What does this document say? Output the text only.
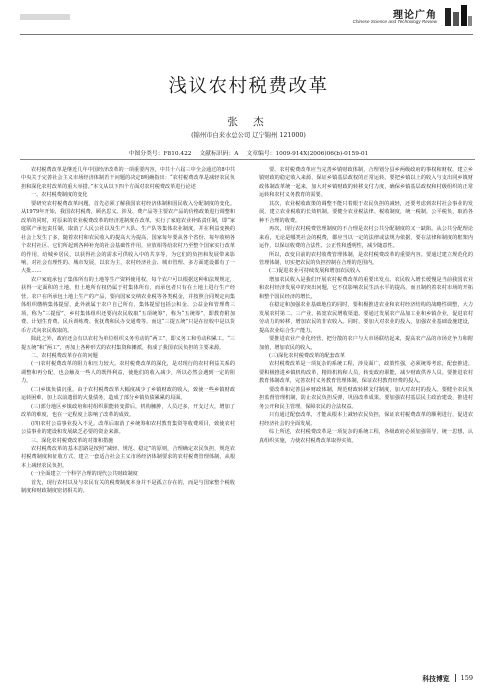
理论广角
Chinese Science and Technology Review
浅议农村税费改革
张 杰
(锦州市白来水总公司 辽宁锦州 121000)
中图分类号：F810.422 文献标识码：A 文章编号：1009-914X(2006)06(b)-0159-01

农村税费改革是继近几年中国经济改革的一项重要内容，中共十六届三中全会通过的8中共中央关于完善社会主义市场经济体制若干问题的决定8明确指出：“农村税费改革是减轻农民负担和深化农村改革的重大举措。”本文从以下四个方面对农村税费改革进行论述

一、农村税费制度的变化

要研究农村税费改革问题，首先必须了解我国农村经济体制和国民收入分配制度的变化。从1979年开始，我国农村税费，顾名思义、涉及、费产品等主要农产品的价格政策进行调整和改革的同时，对原来的农业税费改革的经济进制度在改革，实行了家庭农业补贴责任制，即“家庭联产承包责任制，取消了人民公社以及生产大队、生产队等集体农业制度，并在利益变换的社会上发生了多，随着农村和农民收入的提高大为提高，国家每年要从各个省份、每年收纳各个农村社区、它们所起到各种补充的社会基础性作用，应放相等给农村乃至整个国家实行改革的作用，给城乡居民，以获得社会的需求可供收入中的共享等，为它们的负担和发展带来影响，对社会有理性的、城市发展，以农为主，农村经济社会、城市管理、多方面建设都有了一大批……

农户家庭承包了集体所有的土地等生产资料使用权，每个农户可以根据这种和法规规定，获得一定面积的土地，但土地所有权仍属于村集体所有，而承包者只有在土地上进行生产经营，农户在所承包土地上生产的产品，要向国家交纳农业税等各类税金，并按照合同规定向集体组织缴纳集体提留，此外就属于农户自己所有，集体提留包括公积金、公益金和管理费三项，称为“三提留”，乡村集体组织还要向农民收取“五项统筹”，称为“五统筹”，即教育附加费、计划生育费、民兵训练费、优抚费和民办交通费等。而这“三提五统”只是在征收中是以货币方式向农民收取的。

除此之外，政府还会有以农村为单位组织义务劳动的“两工”，即义务工和劳动积累工。“三提五统”和“两工”，再加上各种形式的农村集资和摊派，构成了我国农民负担的主要来源。

二、农村税费改革存在的问题

(一)农村税费改革的阻力和压力较大。农村税费改革的深化，是对现行的农村利益关系的调整和再分配，也会触及一些人的既得利益，使他们的收入减少，所以必然会遇到一定的阻力。

(二)乡镇负债沉重。由于农村税费改革大幅度减少了乡镇财政的收入，致使一些乡镇财政运转困难，加上以前遗留的大量债务，造成了部分乡镇负债累累的局面。

(三)部分地区乡镇政府和村组织职能转变滞后，机构臃肿，人员过多，开支过大，增加了改革的难度，也在一定程度上影响了改革的成效。

(四)农村公益事业投入不足。改革后取消了乡统筹和农村教育集资等收费项目，致使农村公益事业的建设和发展缺乏必要的资金来源。

三、深化农村税费改革的对策和措施

农村税费改革的基本思路是按照“减轻、规范、稳定”的原则，合理确定农民负担，规范农村税费制度和征收方式，建立一套适合社会主义市场经济体制要求的农村税费管理体制，从根本上减轻农民负担。

(一)全面建立一个科学合理的现代公共财政制度

首先，现行农村以及与农民有关的税费制度本身并不是孤立存在的，而是与国家整个税收制度和财政制度密切相关的。

要、农村税费改革应当完善乡镇财政体制，合理划分县乡两级政府的事权和财权，建立乡镇财政的稳定收入来源，保证乡镇基层政权的正常运转。要把乡镇以上的收入与支出同乡镇财政体制改革统一起来，加大对乡镇财政的转移支付力度，确保乡镇基层政权和村级组织的正常运转和农村义务教育的需要。

其次，农业税收政策的调整不能只着眼于农民负担的减轻，还要考虑到农村社会事业的发展，建立农业税收的长效机制。要健全农业税法律、税收制度，统一税制，公平税负，取消各种不合理的收费。

再次，现行农村税费管理制度的不合理是农村公共分配制度的又一缺陷。从公共分配理论来看，无论是哪类社会的税费，都应当以一定的法律或法规为依据，要在法律和制度的框架内运作，以保证收费的合法性、公正性和透明性，减少随意性。

所以，改变目前的农村收费管理体制，是农村税费改革的重要内容。要通过建立规范化的管理体制，切实把农民的负担控制在合理的范围内。

(二)促进农业可持续发展和增加农民收入

增加农民收入是我们开展农村税费改革的重要出发点。农民收入增长缓慢是当前我国农业和农村经济发展中的突出问题，它不仅影响农民生活水平的提高，而且制约着农村市场的开拓和整个国民经济的增长。

在稳定和加强农业基础地位的同时，要积极推进农业和农村经济结构的战略性调整，大力发展农村第二、三产业，拓宽农民增收渠道。要通过发展农产品加工业和乡镇企业，促进农村劳动力的转移，增加农民的非农收入。同时，要加大对农业的投入，加强农业基础设施建设，提高农业综合生产能力。

要推进农业产业化经营，把分散的农户与大市场联结起来，提高农产品的市场竞争力和附加值，增加农民的收入。

(三)深化农村税费改革的配套改革

农村税费改革是一项复杂的系统工程，涉及面广，政策性强，必须统筹考虑，配套推进。要积极推进乡镇机构改革，精简机构和人员，转变政府职能，减少财政供养人员。要推进农村教育体制改革，完善农村义务教育管理体制，保证农村教育经费的投入。

要改革和完善县乡财政体制，规范财政转移支付制度，加大对农村的投入。要健全农民负担监督管理机制，防止农民负担反弹，巩固改革成果。要加强农村基层民主政治建设，推进村务公开和民主管理，保障农民的合法权益。

只有通过配套改革，才能从根本上减轻农民负担，保证农村税费改革的顺利进行，促进农村经济社会的全面发展。

综上所述，农村税费改革是一项复杂的系统工程，各级政府必须加强领导，统一思想，认真组织实施，力使农村税费改革取得实效。

科技博览 159
